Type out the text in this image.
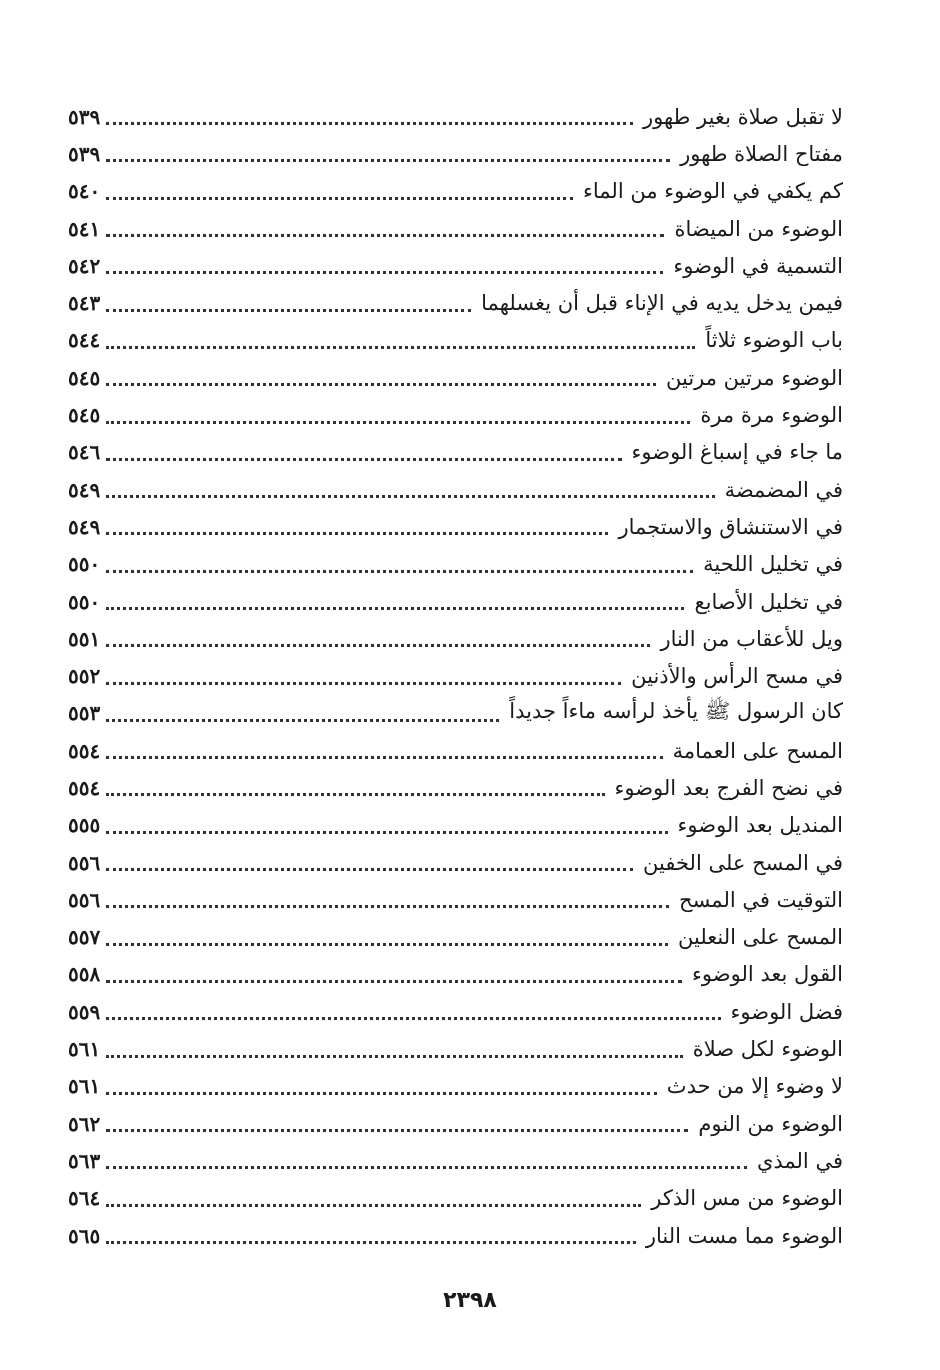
لا تقبل صلاة بغير طهور
٥٣٩
مفتاح الصلاة طهور
٥٣٩
كم يكفي في الوضوء من الماء
٥٤٠
الوضوء من الميضاة
٥٤١
التسمية في الوضوء
٥٤٢
فيمن يدخل يديه في الإناء قبل أن يغسلهما
٥٤٣
باب الوضوء ثلاثاً
٥٤٤
الوضوء مرتين مرتين
٥٤٥
الوضوء مرة مرة
٥٤٥
ما جاء في إسباغ الوضوء
٥٤٦
في المضمضة
٥٤٩
في الاستنشاق والاستجمار
٥٤٩
في تخليل اللحية
٥٥٠
في تخليل الأصابع
٥٥٠
ويل للأعقاب من النار
٥٥١
في مسح الرأس والأذنين
٥٥٢
كان الرسول ﷺ يأخذ لرأسه ماءاً جديداً
٥٥٣
المسح على العمامة
٥٥٤
في نضح الفرج بعد الوضوء
٥٥٤
المنديل بعد الوضوء
٥٥٥
في المسح على الخفين
٥٥٦
التوقيت في المسح
٥٥٦
المسح على النعلين
٥٥٧
القول بعد الوضوء
٥٥٨
فضل الوضوء
٥٥٩
الوضوء لكل صلاة
٥٦١
لا وضوء إلا من حدث
٥٦١
الوضوء من النوم
٥٦٢
في المذي
٥٦٣
الوضوء من مس الذكر
٥٦٤
الوضوء مما مست النار
٥٦٥
٢٣٩٨
